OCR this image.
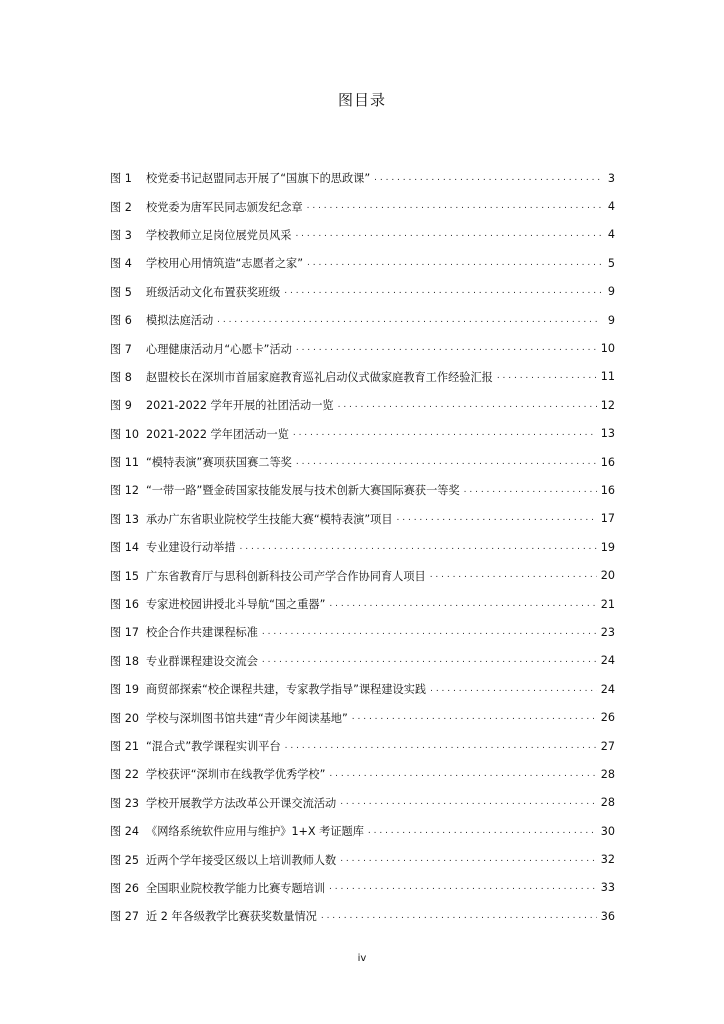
图目录
图 1	校党委书记赵盟同志开展了“国旗下的思政课” . . .	3
图 2	校党委为唐军民同志颁发纪念章 . . .	4
图 3	学校教师立足岗位展党员风采 . . .	4
图 4	学校用心用情筑造“志愿者之家” . . .	5
图 5	班级活动文化布置获奖班级 . . .	9
图 6	模拟法庭活动 . . .	9
图 7	心理健康活动月“心愿卡”活动 . . .	10
图 8	赵盟校长在深圳市首届家庭教育巡礼启动仪式做家庭教育工作经验汇报 . . .	11
图 9	2021-2022 学年开展的社团活动一览 . . .	12
图 10 2021-2022 学年团活动一览 . . .	13
图 11 “模特表演”赛项获国赛二等奖 . . .	16
图 12 “一带一路”暨金砖国家技能发展与技术创新大赛国际赛获一等奖 . . .	16
图 13 承办广东省职业院校学生技能大赛“模特表演”项目 . . .	17
图 14 专业建设行动举措 . . .	19
图 15 广东省教育厅与思科创新科技公司产学合作协同育人项目 . . .	20
图 16 专家进校园讲授北斗导航“国之重器” . . .	21
图 17 校企合作共建课程标准 . . .	23
图 18 专业群课程建设交流会 . . .	24
图 19 商贸部探索“校企课程共建，专家教学指导”课程建设实践 . . .	24
图 20 学校与深圳图书馆共建“青少年阅读基地” . . .	26
图 21 “混合式”教学课程实训平台 . . .	27
图 22 学校获评“深圳市在线教学优秀学校” . . .	28
图 23 学校开展教学方法改革公开课交流活动 . . .	28
图 24 《网络系统软件应用与维护》1+X 考证题库 . . .	30
图 25 近两个学年接受区级以上培训教师人数 . . .	32
图 26 全国职业院校教学能力比赛专题培训 . . .	33
图 27 近 2 年各级教学比赛获奖数量情况 . . .	36
iv
